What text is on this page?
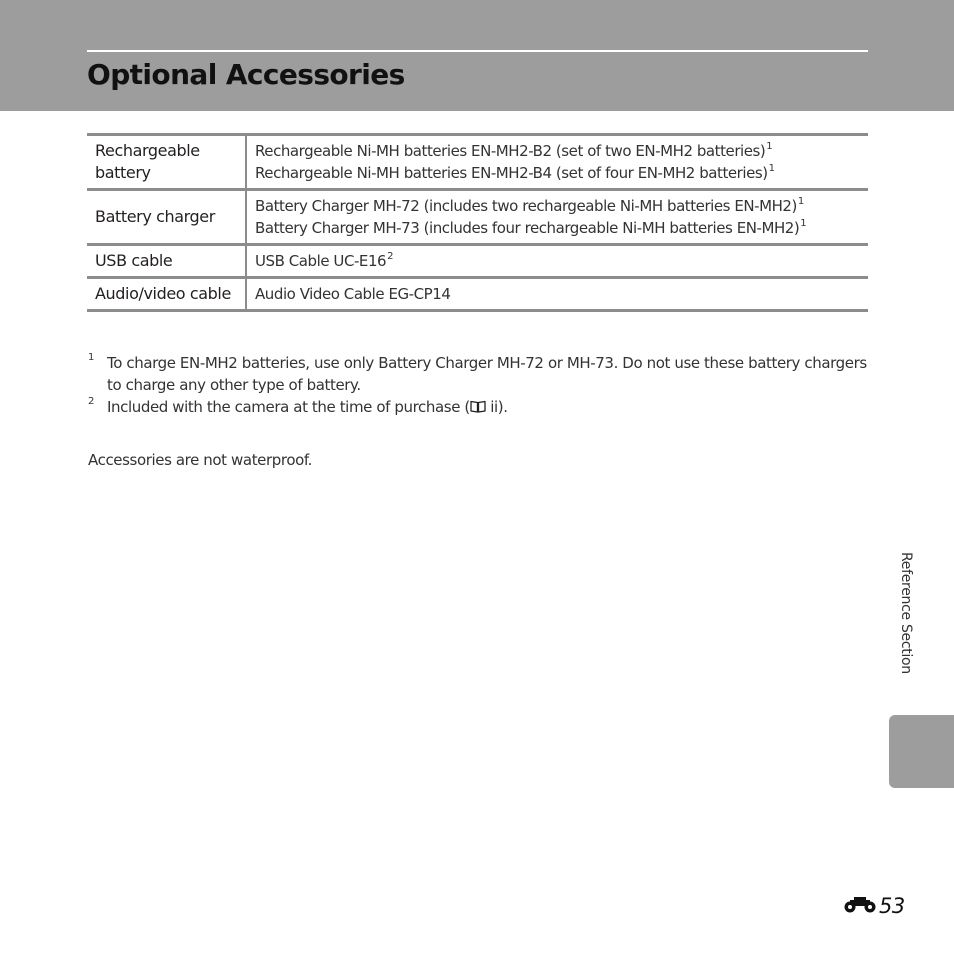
Optional Accessories
Rechargeable battery	Rechargeable Ni-MH batteries EN-MH2-B2 (set of two EN-MH2 batteries)$^1$
Rechargeable Ni-MH batteries EN-MH2-B4 (set of four EN-MH2 batteries)$^1$

Battery charger	Battery Charger MH-72 (includes two rechargeable Ni-MH batteries EN-MH2)$^1$
Battery Charger MH-73 (includes four rechargeable Ni-MH batteries EN-MH2)$^1$

USB cable	USB Cable $UC-E16^2$

Audio/video cable	Audio Video Cable EG-CP14
1 To charge EN-MH2 batteries, use only Battery Charger MH-72 or MH-73. Do not use these battery chargers to charge any other type of battery.
2 Included with the camera at the time of purchase ( ii).
Accessories are not waterproof.
Reference Section
53
